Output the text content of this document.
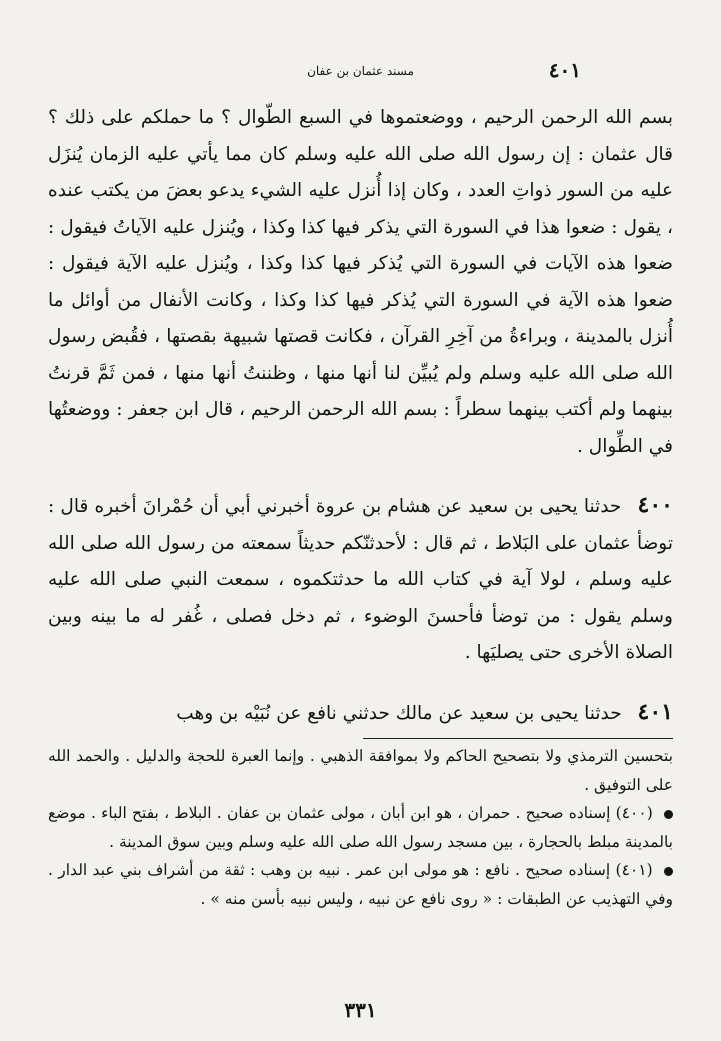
٤٠١
مسند عثمان بن عفان

بسم الله الرحمن الرحيم ، ووضعتموها في السبع الطّوال ؟ ما حملكم على ذلك ؟ قال عثمان : إن رسول الله صلى الله عليه وسلم كان مما يأتي عليه الزمان يُنزَل عليه من السور ذواتِ العدد ، وكان إذا أُنزل عليه الشيء يدعو بعضَ من يكتب عنده ، يقول : ضعوا هذا في السورة التي يذكر فيها كذا وكذا ، ويُنزل عليه الآياتُ فيقول : ضعوا هذه الآيات في السورة التي يُذكر فيها كذا وكذا ، ويُنزل عليه الآية فيقول : ضعوا هذه الآية في السورة التي يُذكر فيها كذا وكذا ، وكانت الأنفال من أوائل ما أُنزل بالمدينة ، وبراءةُ من آخِرِ القرآن ، فكانت قصتها شبيهة بقصتها ، فقُبض رسول الله صلى الله عليه وسلم ولم يُبيِّن لنا أنها منها ، وظننتُ أنها منها ، فمن ثَمَّ قرنتُ بينهما ولم أكتب بينهما سطراً : بسم الله الرحمن الرحيم ، قال ابن جعفر : ووضعتُها في الطِّوال .

٤٠٠ حدثنا يحيى بن سعيد عن هشام بن عروة أخبرني أبي أن حُمْرانَ أخبره قال : توضأ عثمان على البَلاط ، ثم قال : لأحدثنّكم حديثاً سمعته من رسول الله صلى الله عليه وسلم ، لولا آية في كتاب الله ما حدثتكموه ، سمعت النبي صلى الله عليه وسلم يقول : من توضأ فأحسنَ الوضوء ، ثم دخل فصلى ، غُفر له ما بينه وبين الصلاة الأخرى حتى يصليَها .

٤٠١ حدثنا يحيى بن سعيد عن مالك حدثني نافع عن نُبَيْه بن وهب

بتحسين الترمذي ولا بتصحيح الحاكم ولا بموافقة الذهبي . وإنما العبرة للحجة والدليل . والحمد الله على التوفيق .

(٤٠٠) إسناده صحيح . حمران ، هو ابن أبان ، مولى عثمان بن عفان . البلاط ، بفتح الباء . موضع بالمدينة مبلط بالحجارة ، بين مسجد رسول الله صلى الله عليه وسلم وبين سوق المدينة .

(٤٠١) إسناده صحيح . نافع : هو مولى ابن عمر . نبيه بن وهب : ثقة من أشراف بني عبد الدار . وفي التهذيب عن الطبقات : « روى نافع عن نبيه ، وليس نبيه بأسن منه » .

٣٣١
